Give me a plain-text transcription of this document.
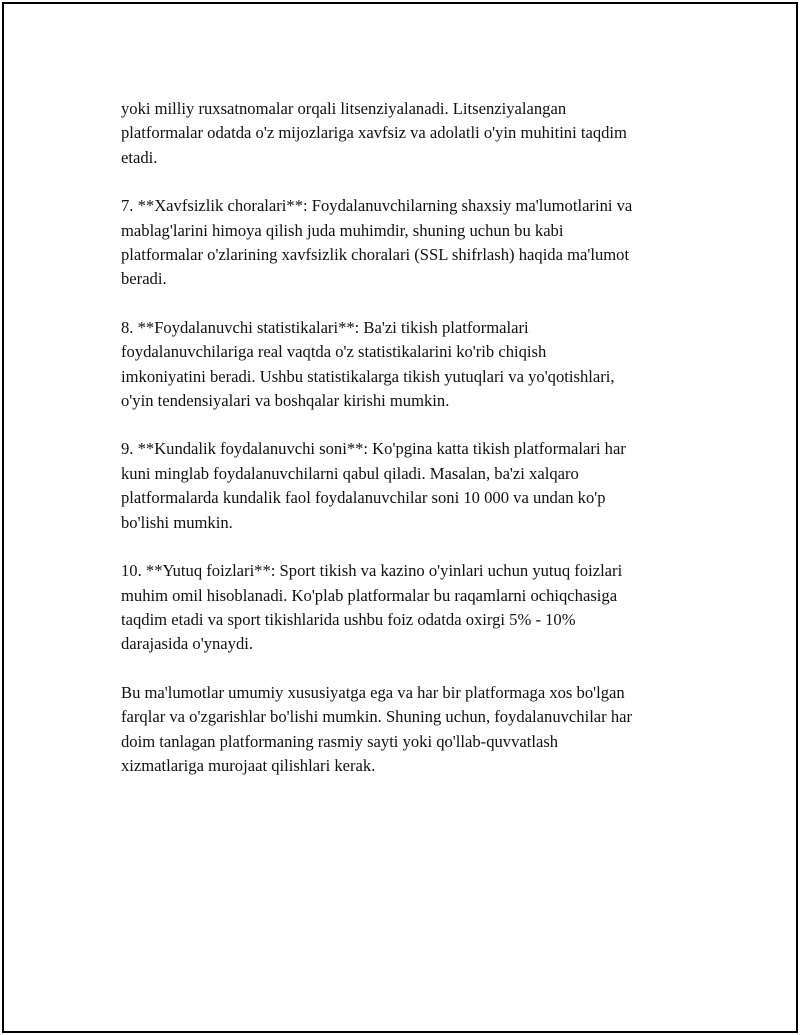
yoki milliy ruxsatnomalar orqali litsenziyalanadi. Litsenziyalangan
platformalar odatda o'z mijozlariga xavfsiz va adolatli o'yin muhitini taqdim
etadi.

7. **Xavfsizlik choralari**: Foydalanuvchilarning shaxsiy ma'lumotlarini va
mablag'larini himoya qilish juda muhimdir, shuning uchun bu kabi
platformalar o'zlarining xavfsizlik choralari (SSL shifrlash) haqida ma'lumot
beradi.

8. **Foydalanuvchi statistikalari**: Ba'zi tikish platformalari
foydalanuvchilariga real vaqtda o'z statistikalarini ko'rib chiqish
imkoniyatini beradi. Ushbu statistikalarga tikish yutuqlari va yo'qotishlari,
o'yin tendensiyalari va boshqalar kirishi mumkin.

9. **Kundalik foydalanuvchi soni**: Ko'pgina katta tikish platformalari har
kuni minglab foydalanuvchilarni qabul qiladi. Masalan, ba'zi xalqaro
platformalarda kundalik faol foydalanuvchilar soni 10 000 va undan ko'p
bo'lishi mumkin.

10. **Yutuq foizlari**: Sport tikish va kazino o'yinlari uchun yutuq foizlari
muhim omil hisoblanadi. Ko'plab platformalar bu raqamlarni ochiqchasiga
taqdim etadi va sport tikishlarida ushbu foiz odatda oxirgi 5% - 10%
darajasida o'ynaydi.

Bu ma'lumotlar umumiy xususiyatga ega va har bir platformaga xos bo'lgan
farqlar va o'zgarishlar bo'lishi mumkin. Shuning uchun, foydalanuvchilar har
doim tanlagan platformaning rasmiy sayti yoki qo'llab-quvvatlash
xizmatlariga murojaat qilishlari kerak.
